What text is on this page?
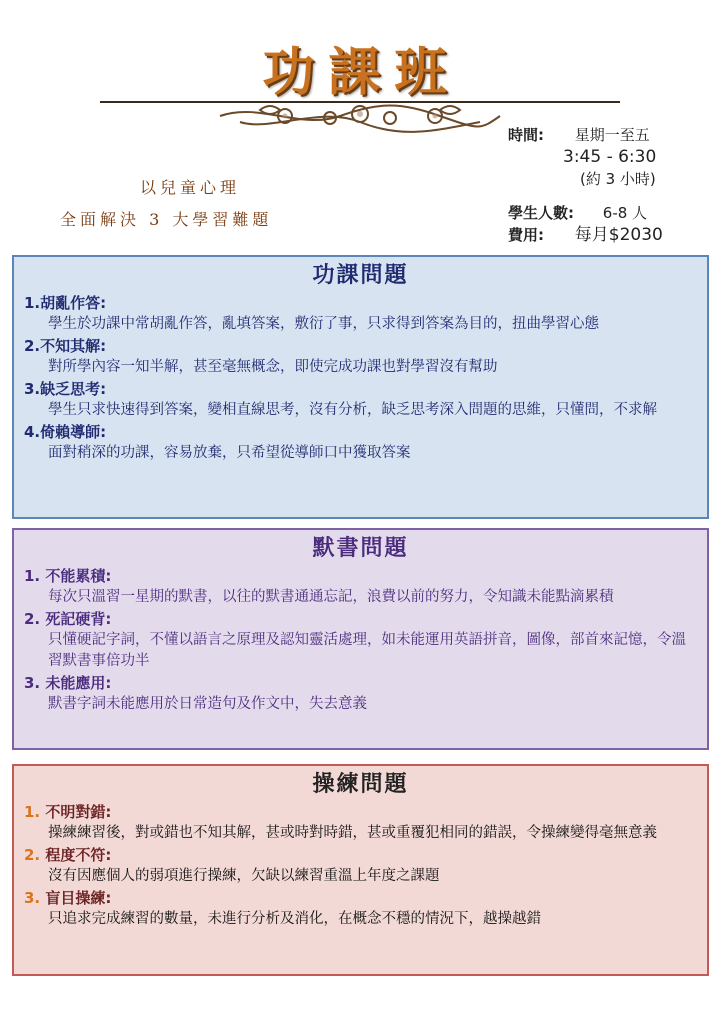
功課班
時間: 星期一至五
3:45 - 6:30
(約 3 小時)
學生人數: 6-8 人
費用: 每月$2030
以兒童心理
全面解決 3 大學習難題
功課問題
1.胡亂作答:
學生於功課中常胡亂作答，亂填答案，敷衍了事，只求得到答案為目的，扭曲學習心態
2.不知其解:
對所學內容一知半解，甚至毫無概念，即使完成功課也對學習沒有幫助
3.缺乏思考:
學生只求快速得到答案，變相直線思考，沒有分析，缺乏思考深入問題的思維，只懂問，不求解
4.倚賴導師:
面對稍深的功課，容易放棄，只希望從導師口中獲取答案
默書問題
1. 不能累積:
每次只溫習一星期的默書，以往的默書通通忘記，浪費以前的努力，令知識未能點滴累積
2. 死記硬背:
只懂硬記字詞，不懂以語言之原理及認知靈活處理，如未能運用英語拼音，圖像，部首來記憶，令溫習默書事倍功半
3. 未能應用:
默書字詞未能應用於日常造句及作文中，失去意義
操練問題
1. 不明對錯:
操練練習後，對或錯也不知其解，甚或時對時錯，甚或重覆犯相同的錯誤，令操練變得毫無意義
2. 程度不符:
沒有因應個人的弱項進行操練，欠缺以練習重溫上年度之課題
3. 盲目操練:
只追求完成練習的數量，未進行分析及消化，在概念不穩的情況下，越操越錯
